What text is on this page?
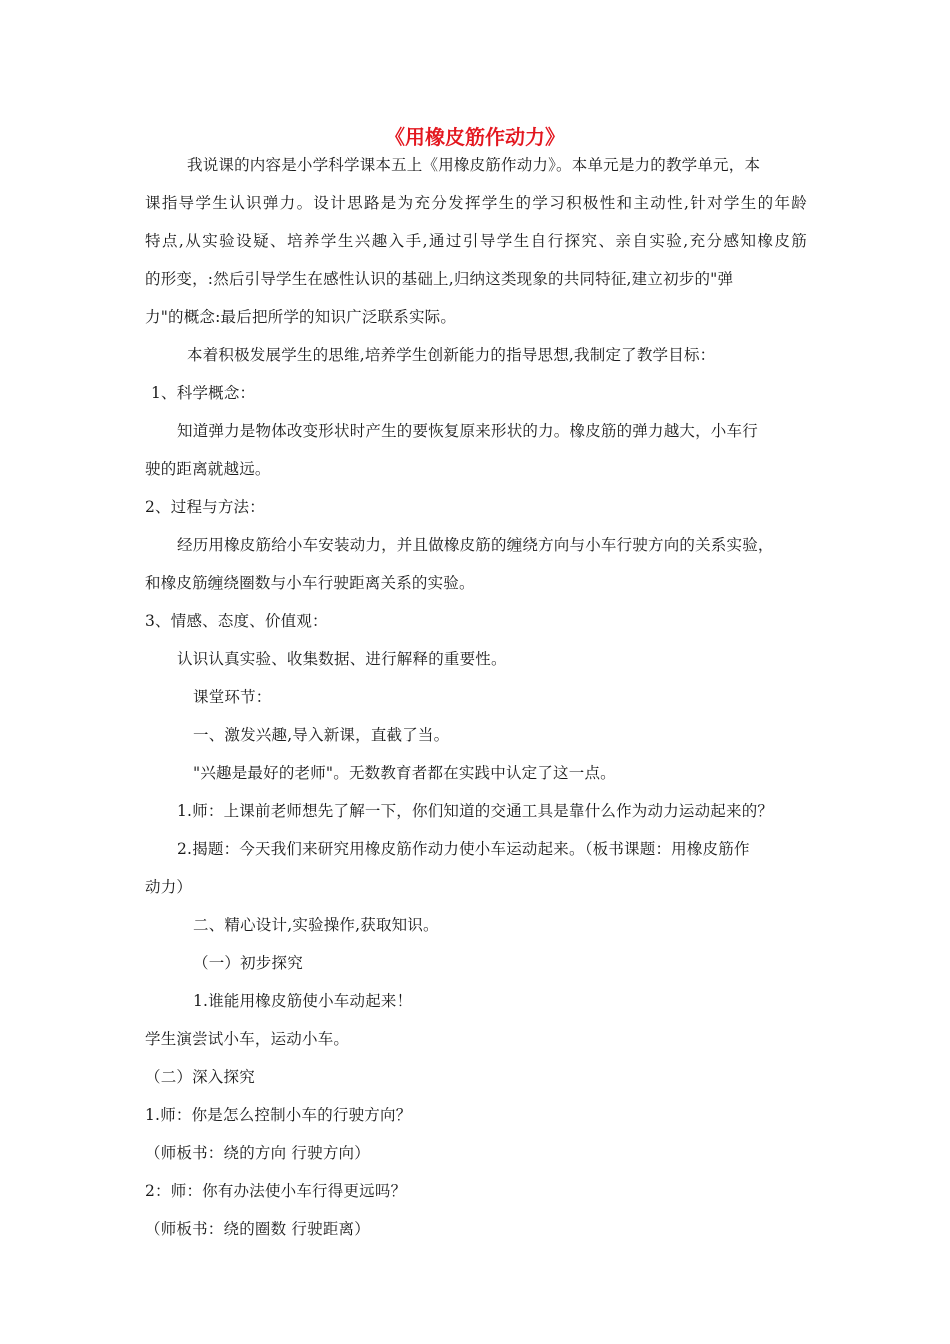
《用橡皮筋作动力》
我说课的内容是小学科学课本五上《用橡皮筋作动力》。本单元是力的教学单元，本
课指导学生认识弹力。设计思路是为充分发挥学生的学习积极性和主动性,针对学生的年龄
特点,从实验设疑、培养学生兴趣入手,通过引导学生自行探究、亲自实验,充分感知橡皮筋
的形变，:然后引导学生在感性认识的基础上,归纳这类现象的共同特征,建立初步的"弹
力"的概念:最后把所学的知识广泛联系实际。
本着积极发展学生的思维,培养学生创新能力的指导思想,我制定了教学目标：
1、科学概念：
知道弹力是物体改变形状时产生的要恢复原来形状的力。橡皮筋的弹力越大，小车行
驶的距离就越远。
2、过程与方法：
经历用橡皮筋给小车安装动力，并且做橡皮筋的缠绕方向与小车行驶方向的关系实验，
和橡皮筋缠绕圈数与小车行驶距离关系的实验。
3、情感、态度、价值观：
认识认真实验、收集数据、进行解释的重要性。
课堂环节：
一、激发兴趣,导入新课，直截了当。
"兴趣是最好的老师"。无数教育者都在实践中认定了这一点。
1.师：上课前老师想先了解一下，你们知道的交通工具是靠什么作为动力运动起来的？
2.揭题：今天我们来研究用橡皮筋作动力使小车运动起来。（板书课题：用橡皮筋作
动力）
二、精心设计,实验操作,获取知识。
（一）初步探究
1.谁能用橡皮筋使小车动起来！
学生演尝试小车，运动小车。
（二）深入探究
1.师：你是怎么控制小车的行驶方向？
（师板书：绕的方向 行驶方向）
2：师：你有办法使小车行得更远吗？
（师板书：绕的圈数 行驶距离）
